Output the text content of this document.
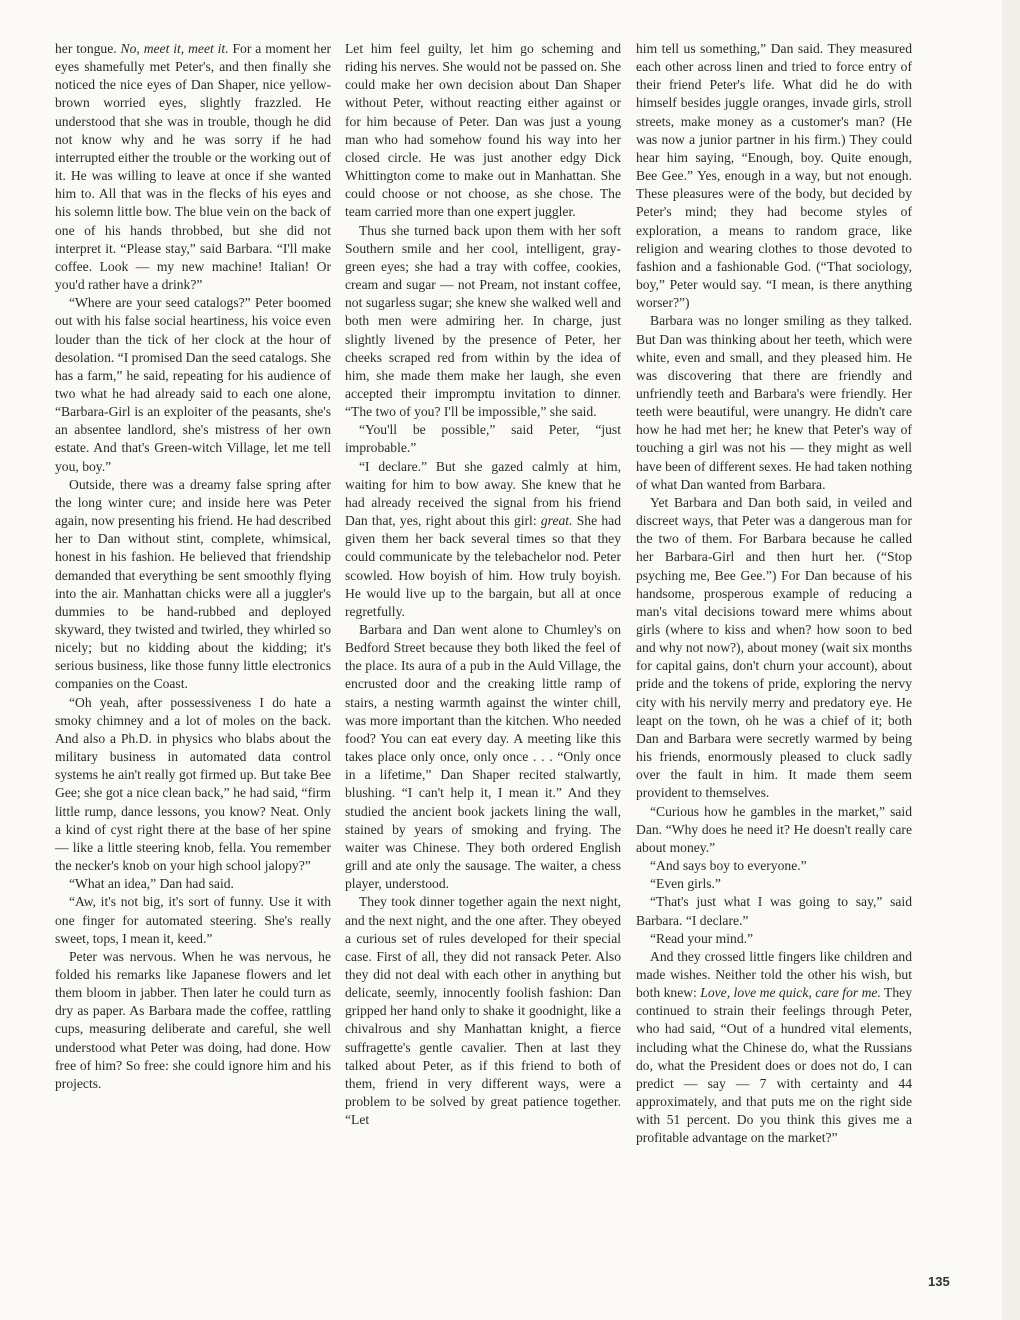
her tongue. No, meet it, meet it. For a moment her eyes shamefully met Peter's, and then finally she noticed the nice eyes of Dan Shaper, nice yellow-brown worried eyes, slightly frazzled. He understood that she was in trouble, though he did not know why and he was sorry if he had interrupted either the trouble or the working out of it. He was willing to leave at once if she wanted him to. All that was in the flecks of his eyes and his solemn little bow. The blue vein on the back of one of his hands throbbed, but she did not interpret it. “Please stay,” said Barbara. “I'll make coffee. Look — my new machine! Italian! Or you'd rather have a drink?”

“Where are your seed catalogs?” Peter boomed out with his false social heartiness, his voice even louder than the tick of her clock at the hour of desolation. “I promised Dan the seed catalogs. She has a farm,” he said, repeating for his audience of two what he had already said to each one alone, “Barbara-Girl is an exploiter of the peasants, she's an absentee landlord, she's mistress of her own estate. And that's Green-witch Village, let me tell you, boy.”

Outside, there was a dreamy false spring after the long winter cure; and inside here was Peter again, now presenting his friend. He had described her to Dan without stint, complete, whimsical, honest in his fashion. He believed that friendship demanded that everything be sent smoothly flying into the air. Manhattan chicks were all a juggler's dummies to be hand-rubbed and deployed skyward, they twisted and twirled, they whirled so nicely; but no kidding about the kidding; it's serious business, like those funny little electronics companies on the Coast.

“Oh yeah, after possessiveness I do hate a smoky chimney and a lot of moles on the back. And also a Ph.D. in physics who blabs about the military business in automated data control systems he ain't really got firmed up. But take Bee Gee; she got a nice clean back,” he had said, “firm little rump, dance lessons, you know? Neat. Only a kind of cyst right there at the base of her spine — like a little steering knob, fella. You remember the necker's knob on your high school jalopy?”

“What an idea,” Dan had said.

“Aw, it's not big, it's sort of funny. Use it with one finger for automated steering. She's really sweet, tops, I mean it, keed.”

Peter was nervous. When he was nervous, he folded his remarks like Japanese flowers and let them bloom in jabber. Then later he could turn as dry as paper. As Barbara made the coffee, rattling cups, measuring deliberate and careful, she well understood what Peter was doing, had done. How free of him? So free: she could ignore him and his projects.

Let him feel guilty, let him go scheming and riding his nerves. She would not be passed on. She could make her own decision about Dan Shaper without Peter, without reacting either against or for him because of Peter. Dan was just a young man who had somehow found his way into her closed circle. He was just another edgy Dick Whittington come to make out in Manhattan. She could choose or not choose, as she chose. The team carried more than one expert juggler.

Thus she turned back upon them with her soft Southern smile and her cool, intelligent, gray-green eyes; she had a tray with coffee, cookies, cream and sugar — not Pream, not instant coffee, not sugarless sugar; she knew she walked well and both men were admiring her. In charge, just slightly livened by the presence of Peter, her cheeks scraped red from within by the idea of him, she made them make her laugh, she even accepted their impromptu invitation to dinner. “The two of you? I'll be impossible,” she said.

“You'll be possible,” said Peter, “just improbable.”

“I declare.” But she gazed calmly at him, waiting for him to bow away. She knew that he had already received the signal from his friend Dan that, yes, right about this girl: great. She had given them her back several times so that they could communicate by the telebachelor nod. Peter scowled. How boyish of him. How truly boyish. He would live up to the bargain, but all at once regretfully.

Barbara and Dan went alone to Chumley's on Bedford Street because they both liked the feel of the place. Its aura of a pub in the Auld Village, the encrusted door and the creaking little ramp of stairs, a nesting warmth against the winter chill, was more important than the kitchen. Who needed food? You can eat every day. A meeting like this takes place only once, only once . . . “Only once in a lifetime,” Dan Shaper recited stalwartly, blushing. “I can't help it, I mean it.” And they studied the ancient book jackets lining the wall, stained by years of smoking and frying. The waiter was Chinese. They both ordered English grill and ate only the sausage. The waiter, a chess player, understood.

They took dinner together again the next night, and the next night, and the one after. They obeyed a curious set of rules developed for their special case. First of all, they did not ransack Peter. Also they did not deal with each other in anything but delicate, seemly, innocently foolish fashion: Dan gripped her hand only to shake it goodnight, like a chivalrous and shy Manhattan knight, a fierce suffragette's gentle cavalier. Then at last they talked about Peter, as if this friend to both of them, friend in very different ways, were a problem to be solved by great patience together. “Let

him tell us something,” Dan said. They measured each other across linen and tried to force entry of their friend Peter's life. What did he do with himself besides juggle oranges, invade girls, stroll streets, make money as a customer's man? (He was now a junior partner in his firm.) They could hear him saying, “Enough, boy. Quite enough, Bee Gee.” Yes, enough in a way, but not enough. These pleasures were of the body, but decided by Peter's mind; they had become styles of exploration, a means to random grace, like religion and wearing clothes to those devoted to fashion and a fashionable God. (“That sociology, boy,” Peter would say. “I mean, is there anything worser?”)

Barbara was no longer smiling as they talked. But Dan was thinking about her teeth, which were white, even and small, and they pleased him. He was discovering that there are friendly and unfriendly teeth and Barbara's were friendly. Her teeth were beautiful, were unangry. He didn't care how he had met her; he knew that Peter's way of touching a girl was not his — they might as well have been of different sexes. He had taken nothing of what Dan wanted from Barbara.

Yet Barbara and Dan both said, in veiled and discreet ways, that Peter was a dangerous man for the two of them. For Barbara because he called her Barbara-Girl and then hurt her. (“Stop psyching me, Bee Gee.”) For Dan because of his handsome, prosperous example of reducing a man's vital decisions toward mere whims about girls (where to kiss and when? how soon to bed and why not now?), about money (wait six months for capital gains, don't churn your account), about pride and the tokens of pride, exploring the nervy city with his nervily merry and predatory eye. He leapt on the town, oh he was a chief of it; both Dan and Barbara were secretly warmed by being his friends, enormously pleased to cluck sadly over the fault in him. It made them seem provident to themselves.

“Curious how he gambles in the market,” said Dan. “Why does he need it? He doesn't really care about money.”

“And says boy to everyone.”

“Even girls.”

“That's just what I was going to say,” said Barbara. “I declare.”

“Read your mind.”

And they crossed little fingers like children and made wishes. Neither told the other his wish, but both knew: Love, love me quick, care for me. They continued to strain their feelings through Peter, who had said, “Out of a hundred vital elements, including what the Chinese do, what the Russians do, what the President does or does not do, I can predict — say — 7 with certainty and 44 approximately, and that puts me on the right side with 51 percent. Do you think this gives me a profitable advantage on the market?”

135
